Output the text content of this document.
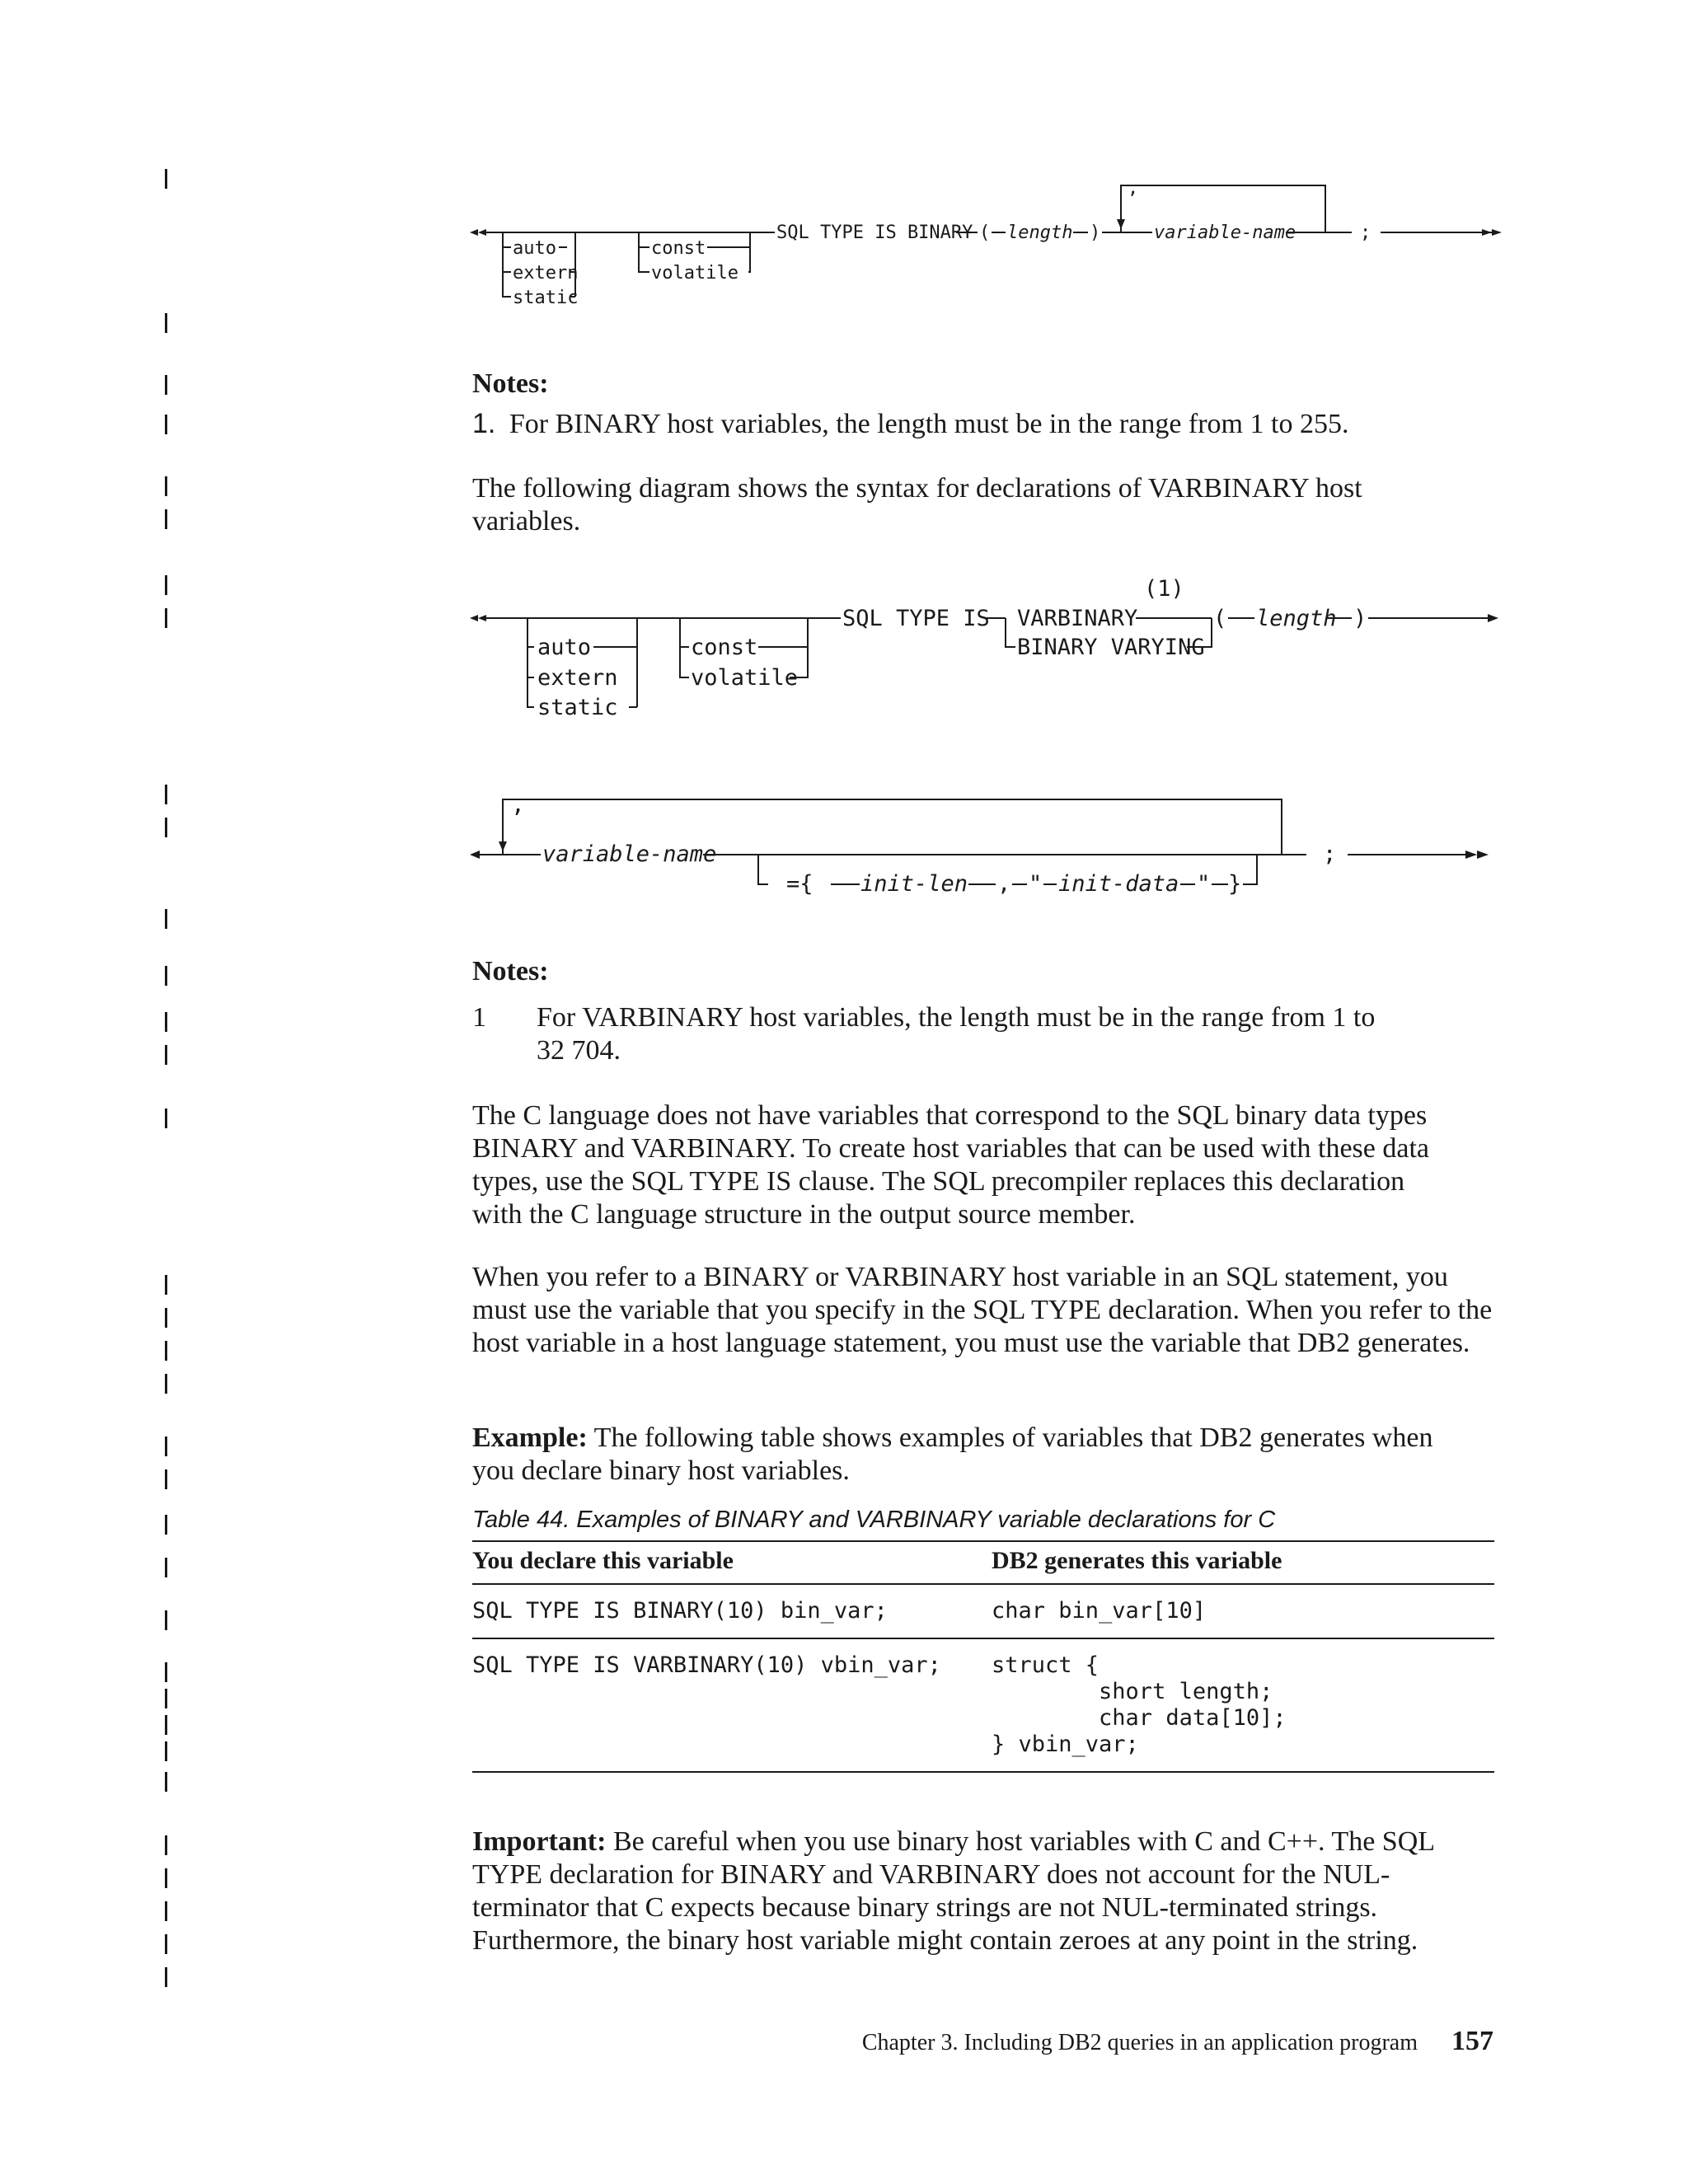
auto
extern
static
const
volatile
SQL TYPE IS BINARY ( length )
,
variable-name	;
Notes:
1. For BINARY host variables, the length must be in the range from 1 to 255.
The following diagram shows the syntax for declarations of VARBINARY host variables.
auto
extern
static
const
volatile
SQL TYPE IS VARBINARY
BINARY VARYING
(1)
( length )
,
variable-name
={ init-len , " init-data " }
;
Notes:
1 For VARBINARY host variables, the length must be in the range from 1 to
32 704.
The C language does not have variables that correspond to the SQL binary data types BINARY and VARBINARY. To create host variables that can be used with these data types, use the SQL TYPE IS clause. The SQL precompiler replaces this declaration with the C language structure in the output source member.
When you refer to a BINARY or VARBINARY host variable in an SQL statement, you must use the variable that you specify in the SQL TYPE declaration. When you refer to the host variable in a host language statement, you must use the variable that DB2 generates.
Example: The following table shows examples of variables that DB2 generates when you declare binary host variables.
Table 44. Examples of BINARY and VARBINARY variable declarations for C
You declare this variable	DB2 generates this variable
SQL TYPE IS BINARY(10) bin_var;	char bin_var[10]
SQL TYPE IS VARBINARY(10) vbin_var;	struct {
short length;
char data[10];
} vbin_var;
Important: Be careful when you use binary host variables with C and C++. The SQL TYPE declaration for BINARY and VARBINARY does not account for the NUL-terminator that C expects because binary strings are not NUL-terminated strings. Furthermore, the binary host variable might contain zeroes at any point in the string.
Chapter 3. Including DB2 queries in an application program 157
